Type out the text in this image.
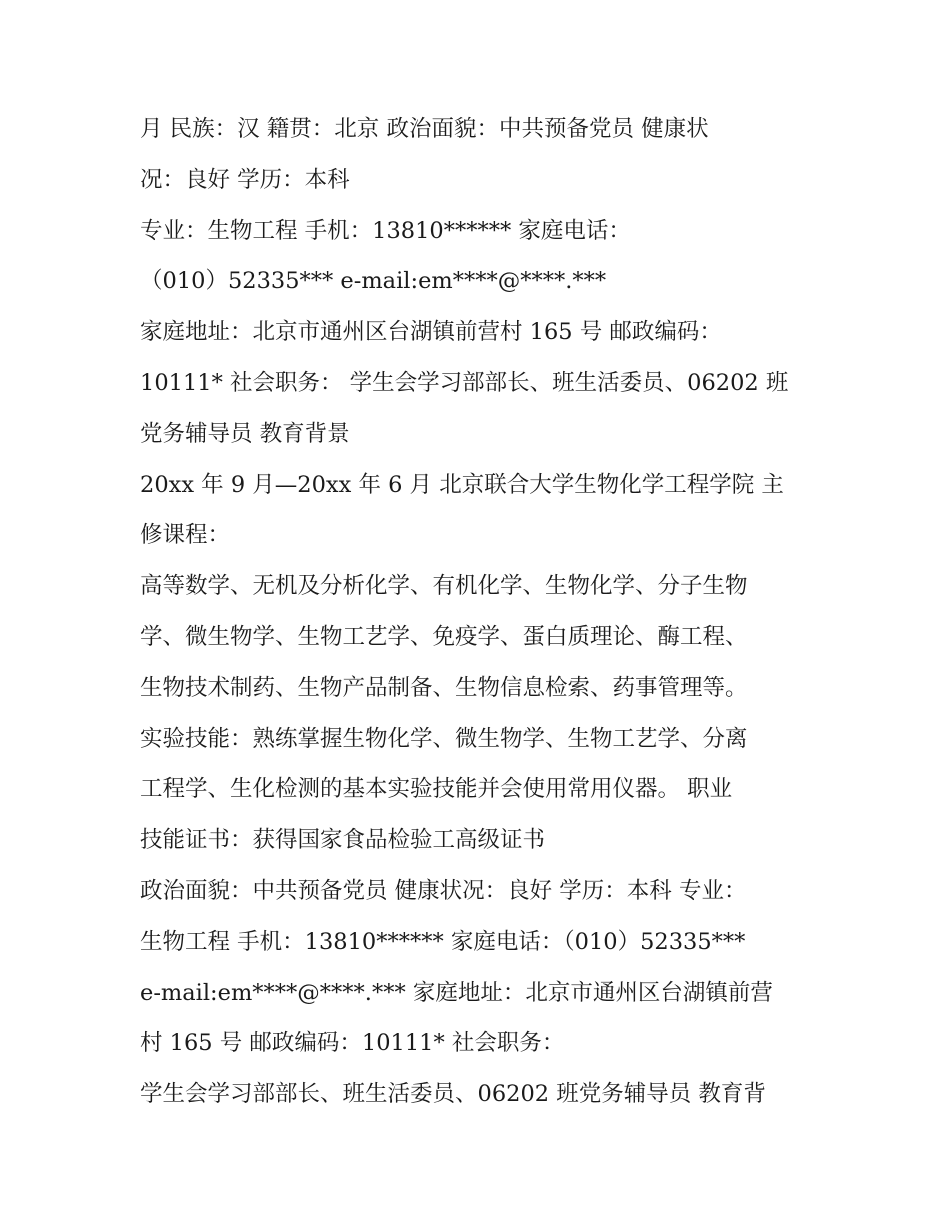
月 民族：汉 籍贯：北京 政治面貌：中共预备党员 健康状
况：良好 学历：本科
专业：生物工程 手机：13810****** 家庭电话：
（010）52335*** e-mail:em****@****.***
家庭地址：北京市通州区台湖镇前营村 165 号 邮政编码：
10111* 社会职务： 学生会学习部部长、班生活委员、06202 班
党务辅导员 教育背景
20xx 年 9 月—20xx 年 6 月 北京联合大学生物化学工程学院 主
修课程：
高等数学、无机及分析化学、有机化学、生物化学、分子生物
学、微生物学、生物工艺学、免疫学、蛋白质理论、酶工程、
生物技术制药、生物产品制备、生物信息检索、药事管理等。
实验技能：熟练掌握生物化学、微生物学、生物工艺学、分离
工程学、生化检测的基本实验技能并会使用常用仪器。 职业
技能证书：获得国家食品检验工高级证书
政治面貌：中共预备党员 健康状况：良好 学历：本科 专业：
生物工程 手机：13810****** 家庭电话：（010）52335***
e-mail:em****@****.*** 家庭地址：北京市通州区台湖镇前营
村 165 号 邮政编码：10111* 社会职务：
学生会学习部部长、班生活委员、06202 班党务辅导员 教育背
